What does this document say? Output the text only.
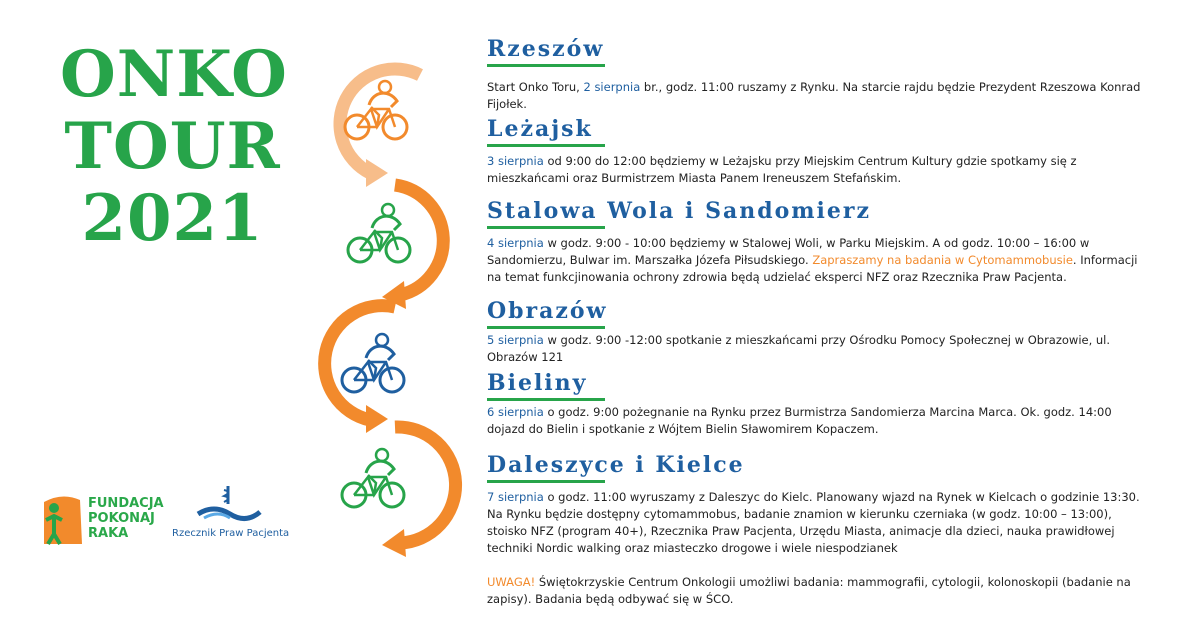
ONKO
TOUR
2021
FUNDACJA
POKONAJ
RAKA	Rzecznik Praw Pacjenta
Rzeszów

Start Onko Toru, 2 sierpnia br., godz. 11:00 ruszamy z Rynku. Na starcie rajdu będzie Prezydent Rzeszowa Konrad Fijołek.

Leżajsk

3 sierpnia od 9:00 do 12:00 będziemy w Leżajsku przy Miejskim Centrum Kultury gdzie spotkamy się z mieszkańcami oraz Burmistrzem Miasta Panem Ireneuszem Stefańskim.

Stalowa Wola i Sandomierz

4 sierpnia w godz. 9:00 - 10:00 będziemy w Stalowej Woli, w Parku Miejskim. A od godz. 10:00 – 16:00 w Sandomierzu, Bulwar im. Marszałka Józefa Piłsudskiego. Zapraszamy na badania w Cytomammobusie. Informacji na temat funkcjinowania ochrony zdrowia będą udzielać eksperci NFZ oraz Rzecznika Praw Pacjenta.

Obrazów

5 sierpnia w godz. 9:00 -12:00 spotkanie z mieszkańcami przy Ośrodku Pomocy Społecznej w Obrazowie, ul. Obrazów 121

Bieliny

6 sierpnia o godz. 9:00 pożegnanie na Rynku przez Burmistrza Sandomierza Marcina Marca. Ok. godz. 14:00 dojazd do Bielin i spotkanie z Wójtem Bielin Sławomirem Kopaczem.

Daleszyce i Kielce

7 sierpnia o godz. 11:00 wyruszamy z Daleszyc do Kielc. Planowany wjazd na Rynek w Kielcach o godzinie 13:30. Na Rynku będzie dostępny cytomammobus, badanie znamion w kierunku czerniaka (w godz. 10:00 – 13:00), stoisko NFZ (program 40+), Rzecznika Praw Pacjenta, Urzędu Miasta, animacje dla dzieci, nauka prawidłowej techniki Nordic walking oraz miasteczko drogowe i wiele niespodzianek

UWAGA! Świętokrzyskie Centrum Onkologii umożliwi badania: mammografii, cytologii, kolonoskopii (badanie na zapisy). Badania będą odbywać się w ŚCO.
